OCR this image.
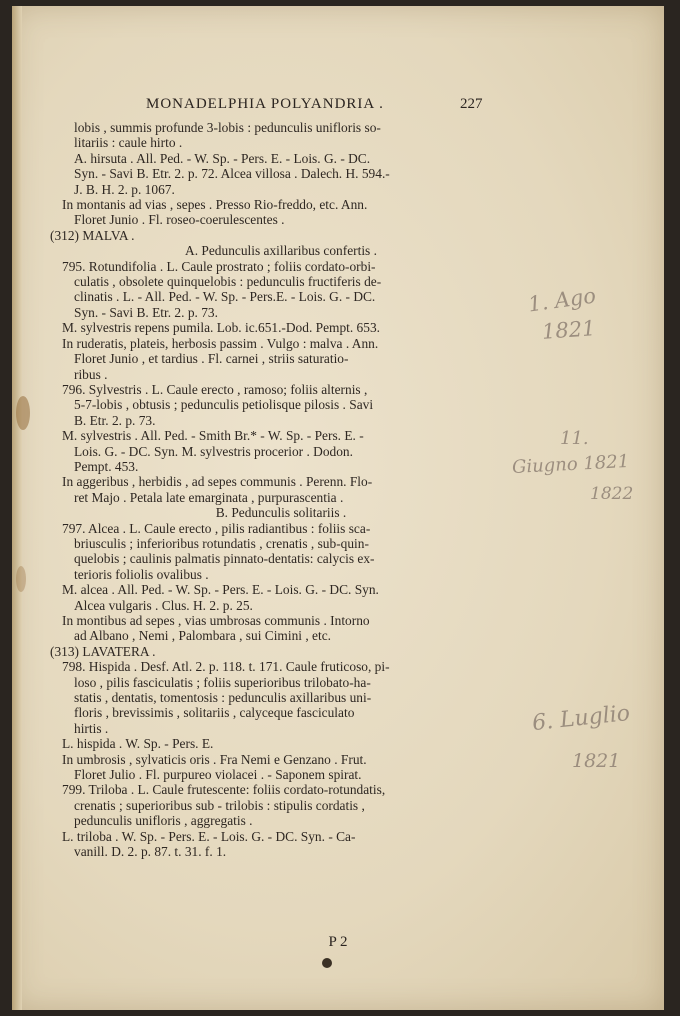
MONADELPHIA POLYANDRIA .	227
lobis , summis profunde 3-lobis : pedunculis unifloris so-
litariis : caule hirto .
A. hirsuta . All. Ped. - W. Sp. - Pers. E. - Lois. G. - DC.
Syn. - Savi B. Etr. 2. p. 72. Alcea villosa . Dalech. H. 594.-
J. B. H. 2. p. 1067.
In montanis ad vias , sepes . Presso Rio-freddo, etc. Ann.
Floret Junio . Fl. roseo-coerulescentes .
(312) MALVA .
A. Pedunculis axillaribus confertis .
795. Rotundifolia . L. Caule prostrato ; foliis cordato-orbi-
culatis , obsolete quinquelobis : pedunculis fructiferis de-
clinatis . L. - All. Ped. - W. Sp. - Pers.E. - Lois. G. - DC.
Syn. - Savi B. Etr. 2. p. 73.
M. sylvestris repens pumila. Lob. ic.651.-Dod. Pempt. 653.
In ruderatis, plateis, herbosis passim . Vulgo : malva . Ann.
Floret Junio , et tardius . Fl. carnei , striis saturatio-
ribus .
796. Sylvestris . L. Caule erecto , ramoso; foliis alternis ,
5-7-lobis , obtusis ; pedunculis petiolisque pilosis . Savi
B. Etr. 2. p. 73.
M. sylvestris . All. Ped. - Smith Br.* - W. Sp. - Pers. E. -
Lois. G. - DC. Syn. M. sylvestris procerior . Dodon.
Pempt. 453.
In aggeribus , herbidis , ad sepes communis . Perenn. Flo-
ret Majo . Petala late emarginata , purpurascentia .
B. Pedunculis solitariis .
797. Alcea . L. Caule erecto , pilis radiantibus : foliis sca-
briusculis ; inferioribus rotundatis , crenatis , sub-quin-
quelobis ; caulinis palmatis pinnato-dentatis: calycis ex-
terioris foliolis ovalibus .
M. alcea . All. Ped. - W. Sp. - Pers. E. - Lois. G. - DC. Syn.
Alcea vulgaris . Clus. H. 2. p. 25.
In montibus ad sepes , vias umbrosas communis . Intorno
ad Albano , Nemi , Palombara , sui Cimini , etc.
(313) LAVATERA .
798. Hispida . Desf. Atl. 2. p. 118. t. 171. Caule fruticoso, pi-
loso , pilis fasciculatis ; foliis superioribus trilobato-ha-
statis , dentatis, tomentosis : pedunculis axillaribus uni-
floris , brevissimis , solitariis , calyceque fasciculato
hirtis .
L. hispida . W. Sp. - Pers. E.
In umbrosis , sylvaticis oris . Fra Nemi e Genzano . Frut.
Floret Julio . Fl. purpureo violacei . - Saponem spirat.
799. Triloba . L. Caule frutescente: foliis cordato-rotundatis,
crenatis ; superioribus sub - trilobis : stipulis cordatis ,
pedunculis unifloris , aggregatis .
L. triloba . W. Sp. - Pers. E. - Lois. G. - DC. Syn. - Ca-
vanill. D. 2. p. 87. t. 31. f. 1.
P 2
1. Ago
1821
11.
Giugno 1821
1822
6. Luglio
1821
